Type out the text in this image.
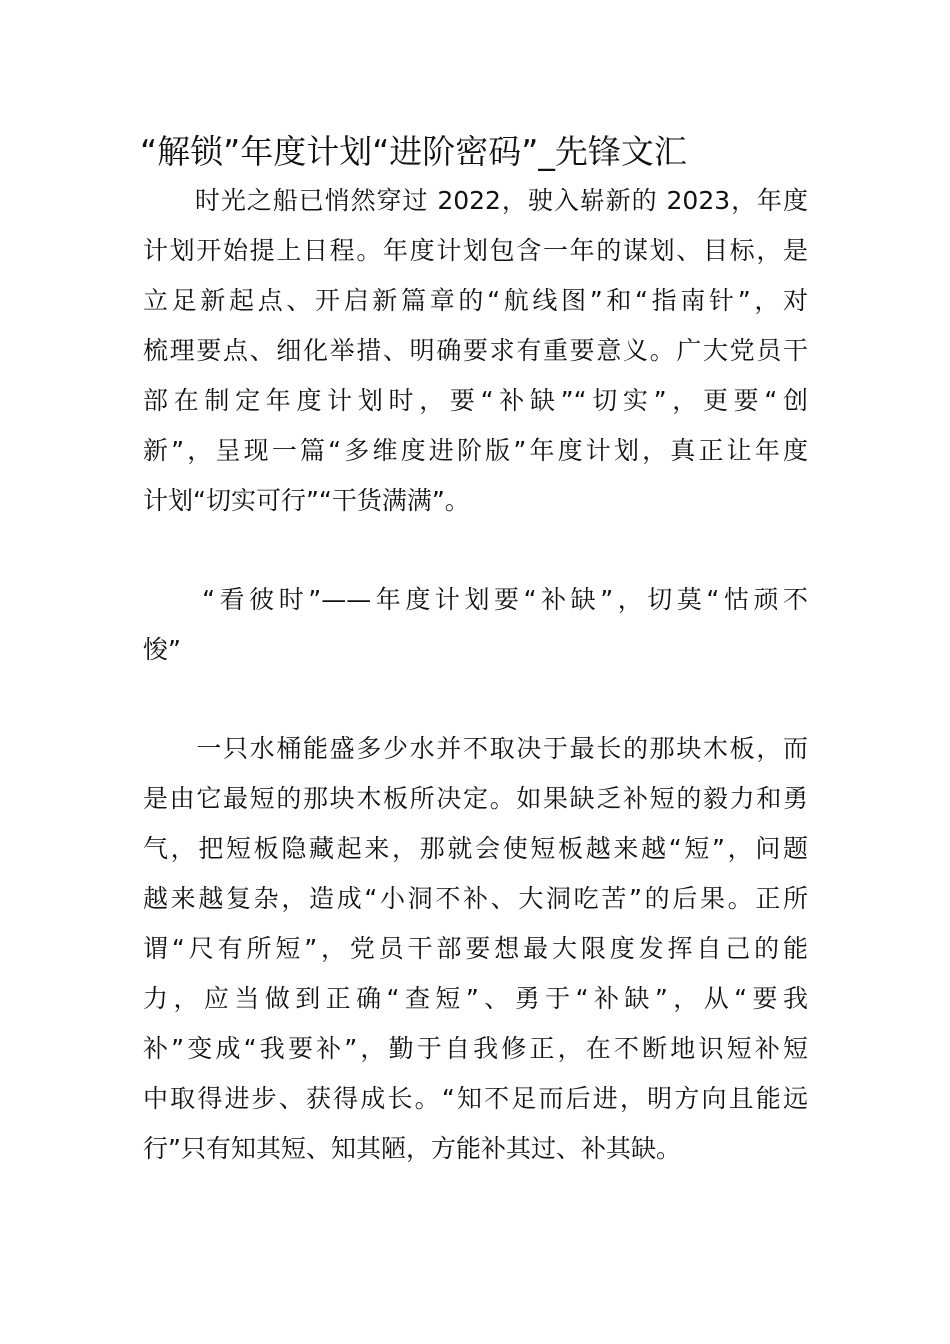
“解锁”年度计划“进阶密码”_先锋文汇
　　时光之船已悄然穿过 2022，驶入崭新的 2023，年度
计划开始提上日程。年度计划包含一年的谋划、目标，是
立足新起点、开启新篇章的“航线图”和“指南针”，对
梳理要点、细化举措、明确要求有重要意义。广大党员干
部在制定年度计划时，要“补缺”“切实”，更要“创
新”，呈现一篇“多维度进阶版”年度计划，真正让年度
计划“切实可行”“干货满满”。
　　“看彼时”——年度计划要“补缺”，切莫“怙顽不
悛”
　　一只水桶能盛多少水并不取决于最长的那块木板，而
是由它最短的那块木板所决定。如果缺乏补短的毅力和勇
气，把短板隐藏起来，那就会使短板越来越“短”，问题
越来越复杂，造成“小洞不补、大洞吃苦”的后果。正所
谓“尺有所短”，党员干部要想最大限度发挥自己的能
力，应当做到正确“查短”、勇于“补缺”，从“要我
补”变成“我要补”，勤于自我修正，在不断地识短补短
中取得进步、获得成长。“知不足而后进，明方向且能远
行”只有知其短、知其陋，方能补其过、补其缺。
